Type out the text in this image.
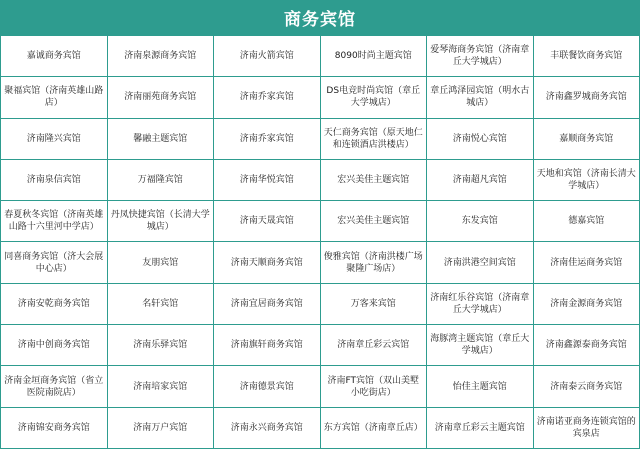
商务宾馆
嘉诚商务宾馆	济南泉源商务宾馆	济南火箭宾馆	8090时尚主题宾馆	爱琴海商务宾馆（济南章丘大学城店）	丰联餐饮商务宾馆
聚福宾馆（济南英雄山路店）	济南丽苑商务宾馆	济南乔家宾馆	DS电竞时尚宾馆（章丘大学城店）	章丘鸿泽园宾馆（明水古城店）	济南鑫罗城商务宾馆
济南隆兴宾馆	馨融主题宾馆	济南乔家宾馆	天仁商务宾馆（原天地仁和连锁酒店洪楼店）	济南悦心宾馆	嘉顺商务宾馆
济南泉信宾馆	万福隆宾馆	济南华悦宾馆	宏兴美佳主题宾馆	济南超凡宾馆	天地和宾馆（济南长清大学城店）
春夏秋冬宾馆（济南英雄山路十六里河中学店）	丹凤快捷宾馆（长清大学城店）	济南天晟宾馆	宏兴美佳主题宾馆	东发宾馆	德嘉宾馆
同喜商务宾馆（济大会展中心店）	友朋宾馆	济南天顺商务宾馆	俊雅宾馆（济南洪楼广场聚隆广场店）	济南洪港空间宾馆	济南佳运商务宾馆
济南安乾商务宾馆	名轩宾馆	济南宜居商务宾馆	万客来宾馆	济南红乐谷宾馆（济南章丘大学城店）	济南金源商务宾馆
济南中创商务宾馆	济南乐驿宾馆	济南旗轩商务宾馆	济南章丘彩云宾馆	海豚湾主题宾馆（章丘大学城店）	济南鑫源泰商务宾馆
济南金垣商务宾馆（省立医院南院店）	济南培家宾馆	济南德景宾馆	济南FT宾馆（双山美墅小吃街店）	怡佳主题宾馆	济南泰云商务宾馆
济南锦安商务宾馆	济南万户宾馆	济南永兴商务宾馆	东方宾馆（济南章丘店）	济南章丘彩云主题宾馆	济南诺亚商务连锁宾馆的宾泉店
